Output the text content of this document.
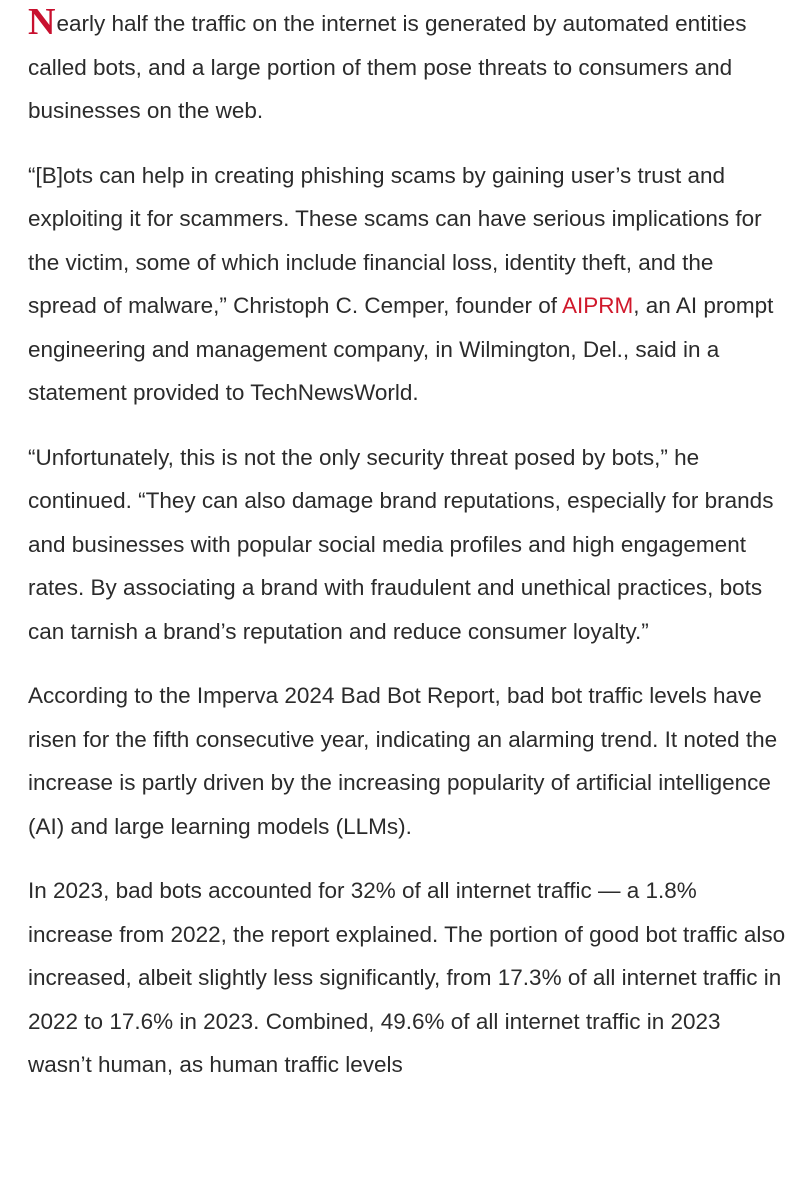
Nearly half the traffic on the internet is generated by automated entities called bots, and a large portion of them pose threats to consumers and businesses on the web.

“[B]ots can help in creating phishing scams by gaining user’s trust and exploiting it for scammers. These scams can have serious implications for the victim, some of which include financial loss, identity theft, and the spread of malware,” Christoph C. Cemper, founder of AIPRM, an AI prompt engineering and management company, in Wilmington, Del., said in a statement provided to TechNewsWorld.

“Unfortunately, this is not the only security threat posed by bots,” he continued. “They can also damage brand reputations, especially for brands and businesses with popular social media profiles and high engagement rates. By associating a brand with fraudulent and unethical practices, bots can tarnish a brand’s reputation and reduce consumer loyalty.”

According to the Imperva 2024 Bad Bot Report, bad bot traffic levels have risen for the fifth consecutive year, indicating an alarming trend. It noted the increase is partly driven by the increasing popularity of artificial intelligence (AI) and large learning models (LLMs).

In 2023, bad bots accounted for 32% of all internet traffic — a 1.8% increase from 2022, the report explained. The portion of good bot traffic also increased, albeit slightly less significantly, from 17.3% of all internet traffic in 2022 to 17.6% in 2023. Combined, 49.6% of all internet traffic in 2023 wasn’t human, as human traffic levels
